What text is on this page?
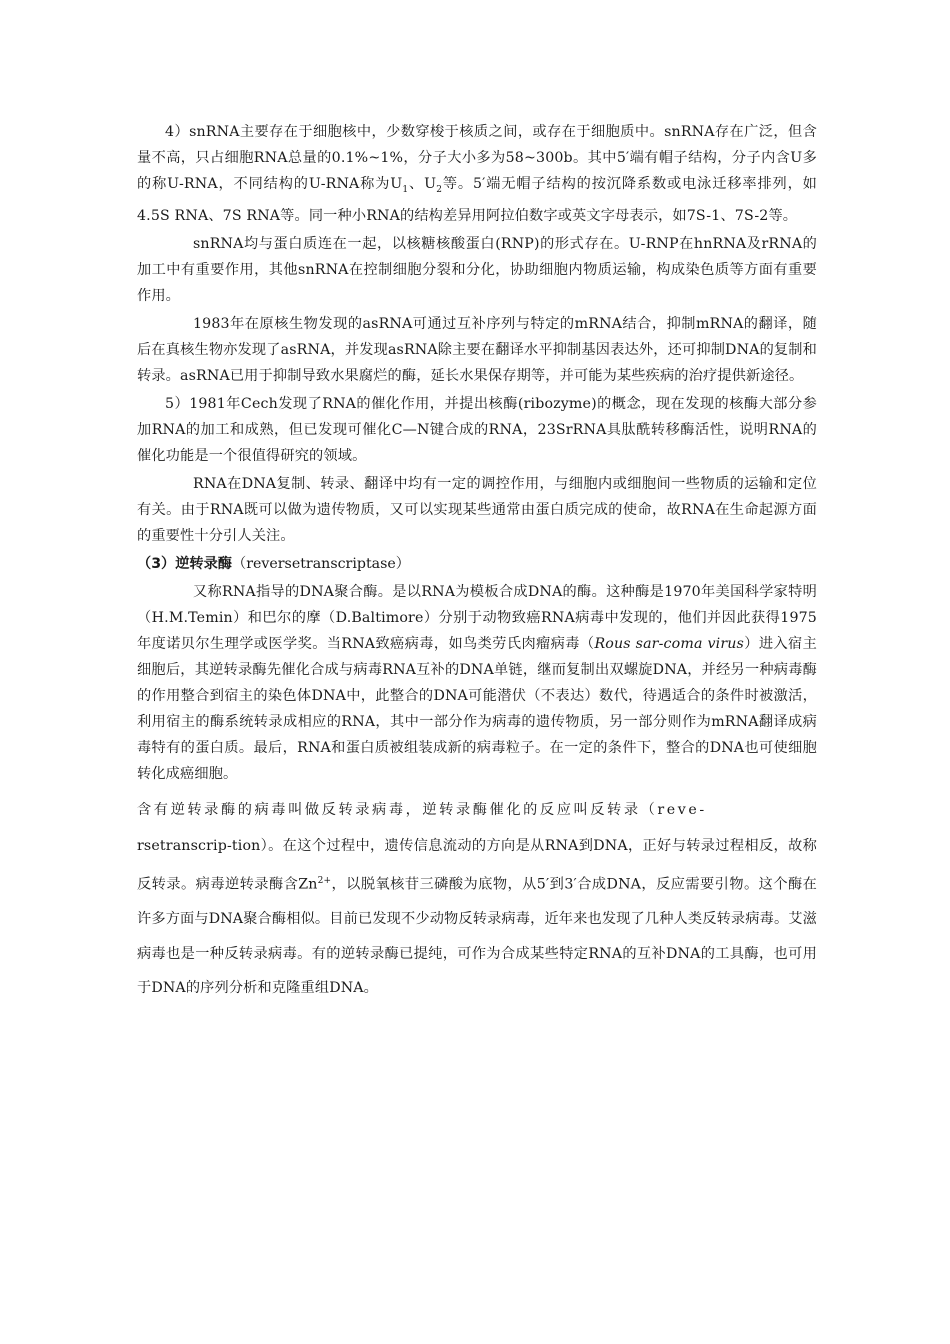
4）snRNA主要存在于细胞核中，少数穿梭于核质之间，或存在于细胞质中。snRNA存在广泛，但含量不高，只占细胞RNA总量的0.1%~1%，分子大小多为58~300b。其中5′端有帽子结构，分子内含U多的称U-RNA，不同结构的U-RNA称为$U_1$、$U_2$等。5′端无帽子结构的按沉降系数或电泳迁移率排列，如4.5S RNA、7S RNA等。同一种小RNA的结构差异用阿拉伯数字或英文字母表示，如7S-1、7S-2等。

snRNA均与蛋白质连在一起，以核糖核酸蛋白(RNP)的形式存在。U-RNP在hnRNA及rRNA的加工中有重要作用，其他snRNA在控制细胞分裂和分化，协助细胞内物质运输，构成染色质等方面有重要作用。

1983年在原核生物发现的asRNA可通过互补序列与特定的mRNA结合，抑制mRNA的翻译，随后在真核生物亦发现了asRNA，并发现asRNA除主要在翻译水平抑制基因表达外，还可抑制DNA的复制和转录。asRNA已用于抑制导致水果腐烂的酶，延长水果保存期等，并可能为某些疾病的治疗提供新途径。

5）1981年Cech发现了RNA的催化作用，并提出核酶(ribozyme)的概念，现在发现的核酶大部分参加RNA的加工和成熟，但已发现可催化C—N键合成的RNA，23SrRNA具肽酰转移酶活性，说明RNA的催化功能是一个很值得研究的领域。

RNA在DNA复制、转录、翻译中均有一定的调控作用，与细胞内或细胞间一些物质的运输和定位有关。由于RNA既可以做为遗传物质，又可以实现某些通常由蛋白质完成的使命，故RNA在生命起源方面的重要性十分引人关注。

（3）逆转录酶（reversetranscriptase）

又称RNA指导的DNA聚合酶。是以RNA为模板合成DNA的酶。这种酶是1970年美国科学家特明（H.M.Temin）和巴尔的摩（D.Baltimore）分别于动物致癌RNA病毒中发现的，他们并因此获得1975年度诺贝尔生理学或医学奖。当RNA致癌病毒，如鸟类劳氏肉瘤病毒（Rous sar-coma virus）进入宿主细胞后，其逆转录酶先催化合成与病毒RNA互补的DNA单链，继而复制出双螺旋DNA，并经另一种病毒酶的作用整合到宿主的染色体DNA中，此整合的DNA可能潜伏（不表达）数代，待遇适合的条件时被激活，利用宿主的酶系统转录成相应的RNA，其中一部分作为病毒的遗传物质，另一部分则作为mRNA翻译成病毒特有的蛋白质。最后，RNA和蛋白质被组装成新的病毒粒子。在一定的条件下，整合的DNA也可使细胞转化成癌细胞。

含有逆转录酶的病毒叫做反转录病毒，逆转录酶催化的反应叫反转录（reve-

rsetranscrip-tion）。在这个过程中，遗传信息流动的方向是从RNA到DNA，正好与转录过程相反，故称反转录。病毒逆转录酶含$Zn^{2+}$，以脱氧核苷三磷酸为底物，从5′到3′合成DNA，反应需要引物。这个酶在许多方面与DNA聚合酶相似。目前已发现不少动物反转录病毒，近年来也发现了几种人类反转录病毒。艾滋病毒也是一种反转录病毒。有的逆转录酶已提纯，可作为合成某些特定RNA的互补DNA的工具酶，也可用于DNA的序列分析和克隆重组DNA。
